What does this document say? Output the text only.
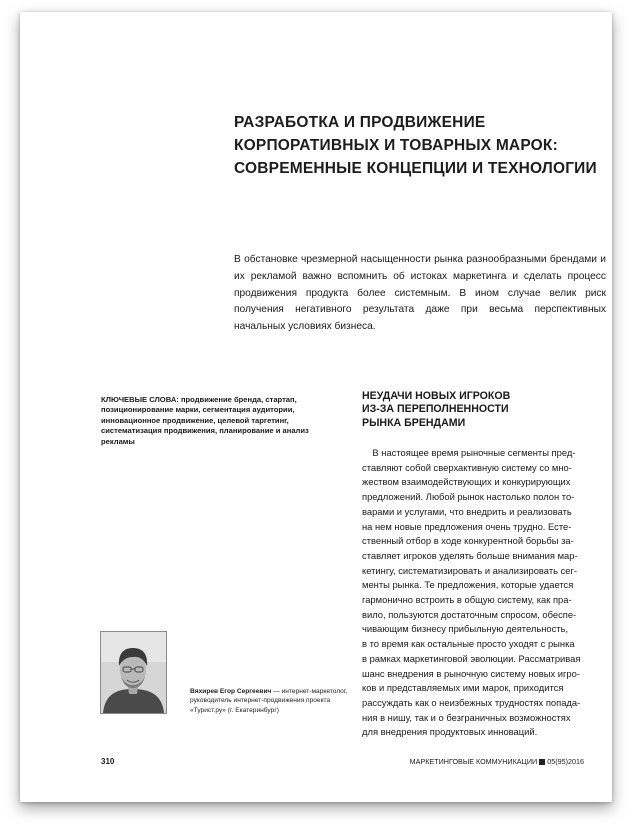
РАЗРАБОТКА И ПРОДВИЖЕНИЕ
КОРПОРАТИВНЫХ И ТОВАРНЫХ МАРОК:
СОВРЕМЕННЫЕ КОНЦЕПЦИИ И ТЕХНОЛОГИИ

В обстановке чрезмерной насыщенности рынка разнообразными брендами и их рекламой важно вспомнить об истоках маркетинга и сделать процесс продвижения продукта более системным. В ином случае велик риск получения негативного результата даже при весьма перспективных начальных условиях бизнеса.

КЛЮЧЕВЫЕ СЛОВА: продвижение бренда, стартап, позиционирование марки, сегментация аудитории, инновационное продвижение, целевой таргетинг, систематизация продвижения, планирование и анализ рекламы

НЕУДАЧИ НОВЫХ ИГРОКОВ
ИЗ-ЗА ПЕРЕПОЛНЕННОСТИ
РЫНКА БРЕНДАМИ

В настоящее время рыночные сегменты пред-
ставляют собой сверхактивную систему со мно-
жеством взаимодействующих и конкурирующих
предложений. Любой рынок настолько полон то-
варами и услугами, что внедрить и реализовать
на нем новые предложения очень трудно. Есте-
ственный отбор в ходе конкурентной борьбы за-
ставляет игроков уделять больше внимания мар-
кетингу, систематизировать и анализировать сег-
менты рынка. Те предложения, которые удается
гармонично встроить в общую систему, как пра-
вило, пользуются достаточным спросом, обеспе-
чивающим бизнесу прибыльную деятельность,
в то время как остальные просто уходят с рынка
в рамках маркетинговой эволюции. Рассматривая
шанс внедрения в рыночную систему новых игро-
ков и представляемых ими марок, приходится
рассуждать как о неизбежных трудностях попада-
ния в нишу, так и о безграничных возможностях
для внедрения продуктовых инноваций.

Вяхирев Егор Сергеевич — интернет-маркетолог,
руководитель интернет-продвижения проекта «Турист.ру» (г. Екатеринбург)

310	МАРКЕТИНГОВЫЕ КОММУНИКАЦИИ 05(95)2016
